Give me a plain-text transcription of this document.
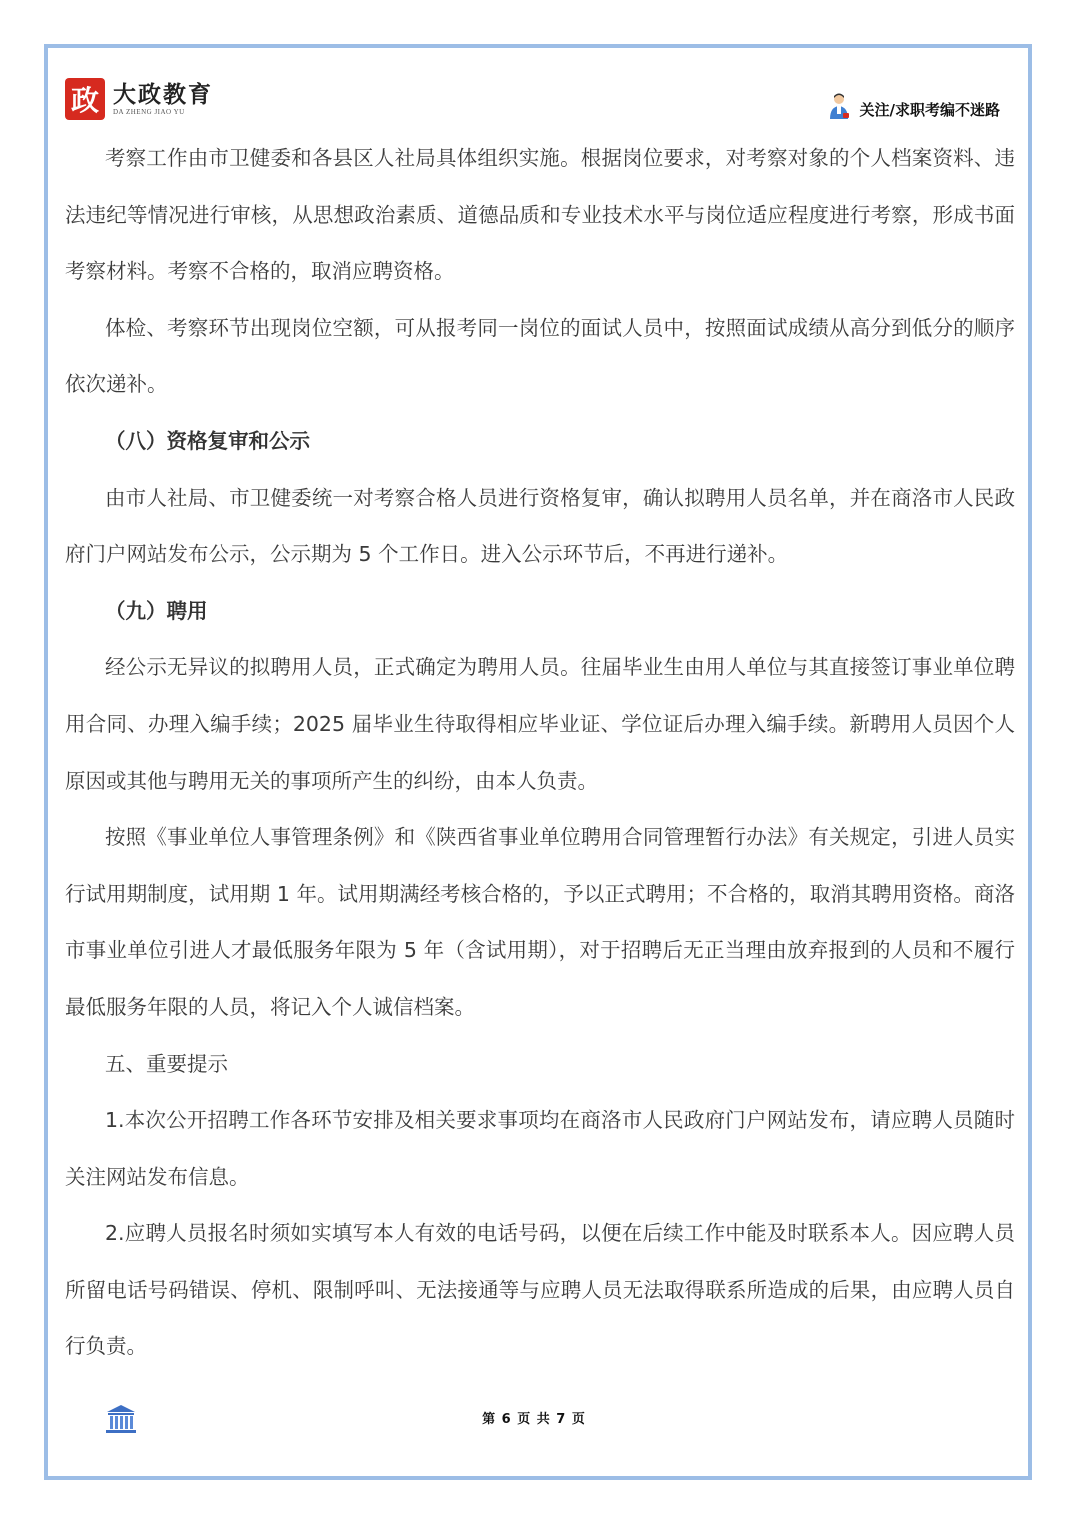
政 大政教育
DA ZHENG JIAO YU	关注/求职考编不迷路

考察工作由市卫健委和各县区人社局具体组织实施。根据岗位要求，对考察对象的个人档案资料、违法违纪等情况进行审核，从思想政治素质、道德品质和专业技术水平与岗位适应程度进行考察，形成书面考察材料。考察不合格的，取消应聘资格。

体检、考察环节出现岗位空额，可从报考同一岗位的面试人员中，按照面试成绩从高分到低分的顺序依次递补。

（八）资格复审和公示

由市人社局、市卫健委统一对考察合格人员进行资格复审，确认拟聘用人员名单，并在商洛市人民政府门户网站发布公示，公示期为 5 个工作日。进入公示环节后，不再进行递补。

（九）聘用

经公示无异议的拟聘用人员，正式确定为聘用人员。往届毕业生由用人单位与其直接签订事业单位聘用合同、办理入编手续；2025 届毕业生待取得相应毕业证、学位证后办理入编手续。新聘用人员因个人原因或其他与聘用无关的事项所产生的纠纷，由本人负责。

按照《事业单位人事管理条例》和《陕西省事业单位聘用合同管理暂行办法》有关规定，引进人员实行试用期制度，试用期 1 年。试用期满经考核合格的，予以正式聘用；不合格的，取消其聘用资格。商洛市事业单位引进人才最低服务年限为 5 年（含试用期），对于招聘后无正当理由放弃报到的人员和不履行最低服务年限的人员，将记入个人诚信档案。

五、重要提示

1.本次公开招聘工作各环节安排及相关要求事项均在商洛市人民政府门户网站发布，请应聘人员随时关注网站发布信息。

2.应聘人员报名时须如实填写本人有效的电话号码，以便在后续工作中能及时联系本人。因应聘人员所留电话号码错误、停机、限制呼叫、无法接通等与应聘人员无法取得联系所造成的后果，由应聘人员自行负责。

第 6 页 共 7 页
